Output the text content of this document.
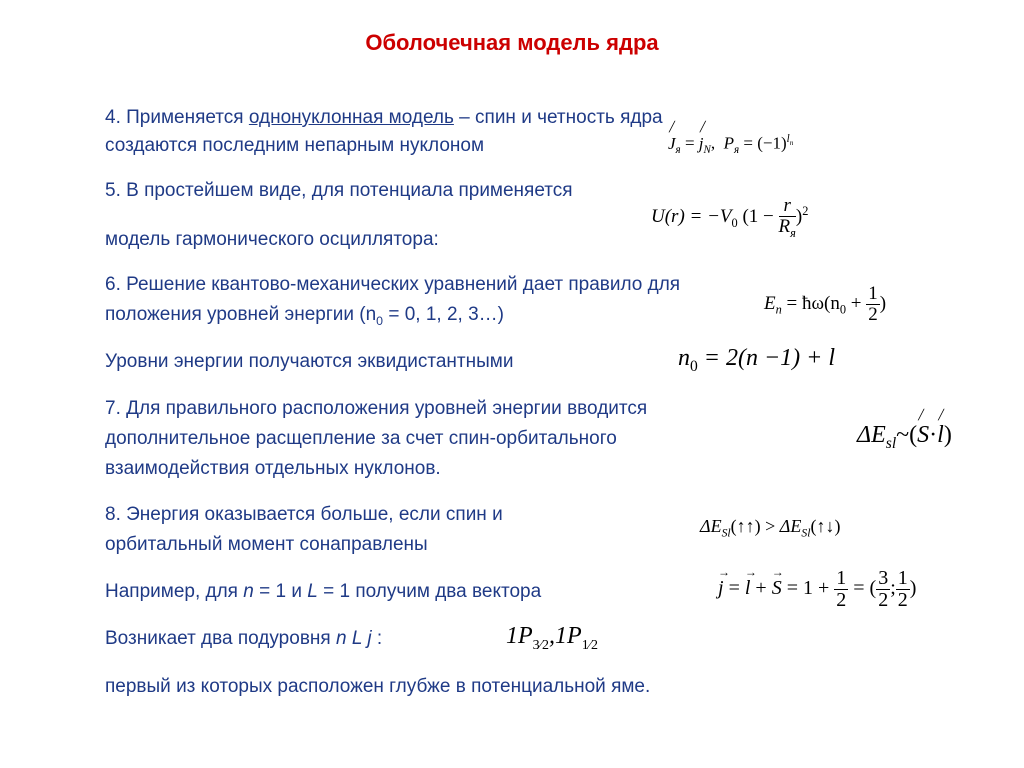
Оболочечная модель ядра
4. Применяется однонуклонная модель – спин и четность ядра
создаются последним непарным нуклоном	╱ $J_я$ = ╱ $j_N$, $P_я = (-1)^{l_n}$
5. В простейшем виде, для потенциала применяется
модель гармонического осциллятора:
$U(r) = -V_0$ $(1 - \frac{r}{R_я} )^2$
6. Решение квантово-механических уравнений дает правило для
положения уровней энергии ($n_0 = 0$, 1, 2, 3…)
$E_n$ = $ħ\omega(n_0 + \frac{1}{2}$ )
Уровни энергии получаются эквидистантными	$n_0 = 2(n -1) + l$
7. Для правильного расположения уровней энергии вводится
дополнительное расщепление за счет спин-орбитального
взаимодействия отдельных нуклонов.
$\Delta E_{sl}\sim(╱$ S·╱ l)
8. Энергия оказывается больше, если спин и
орбитальный момент сонаправлены
$\Delta E_{Sl}(↑↑)$ > $\Delta E_{Sl}(↑↓)$
Например, для n = 1 и L = 1 получим два вектора	→ j = → l + → $S = 1 + \frac{1}{2}$ = ( $\frac{3}{2}$ ; $\frac{1}{2}$ )
Возникает два подуровня n L j :	$1P_{3⁄2},1P_{1⁄2}$
первый из которых расположен глубже в потенциальной яме.
